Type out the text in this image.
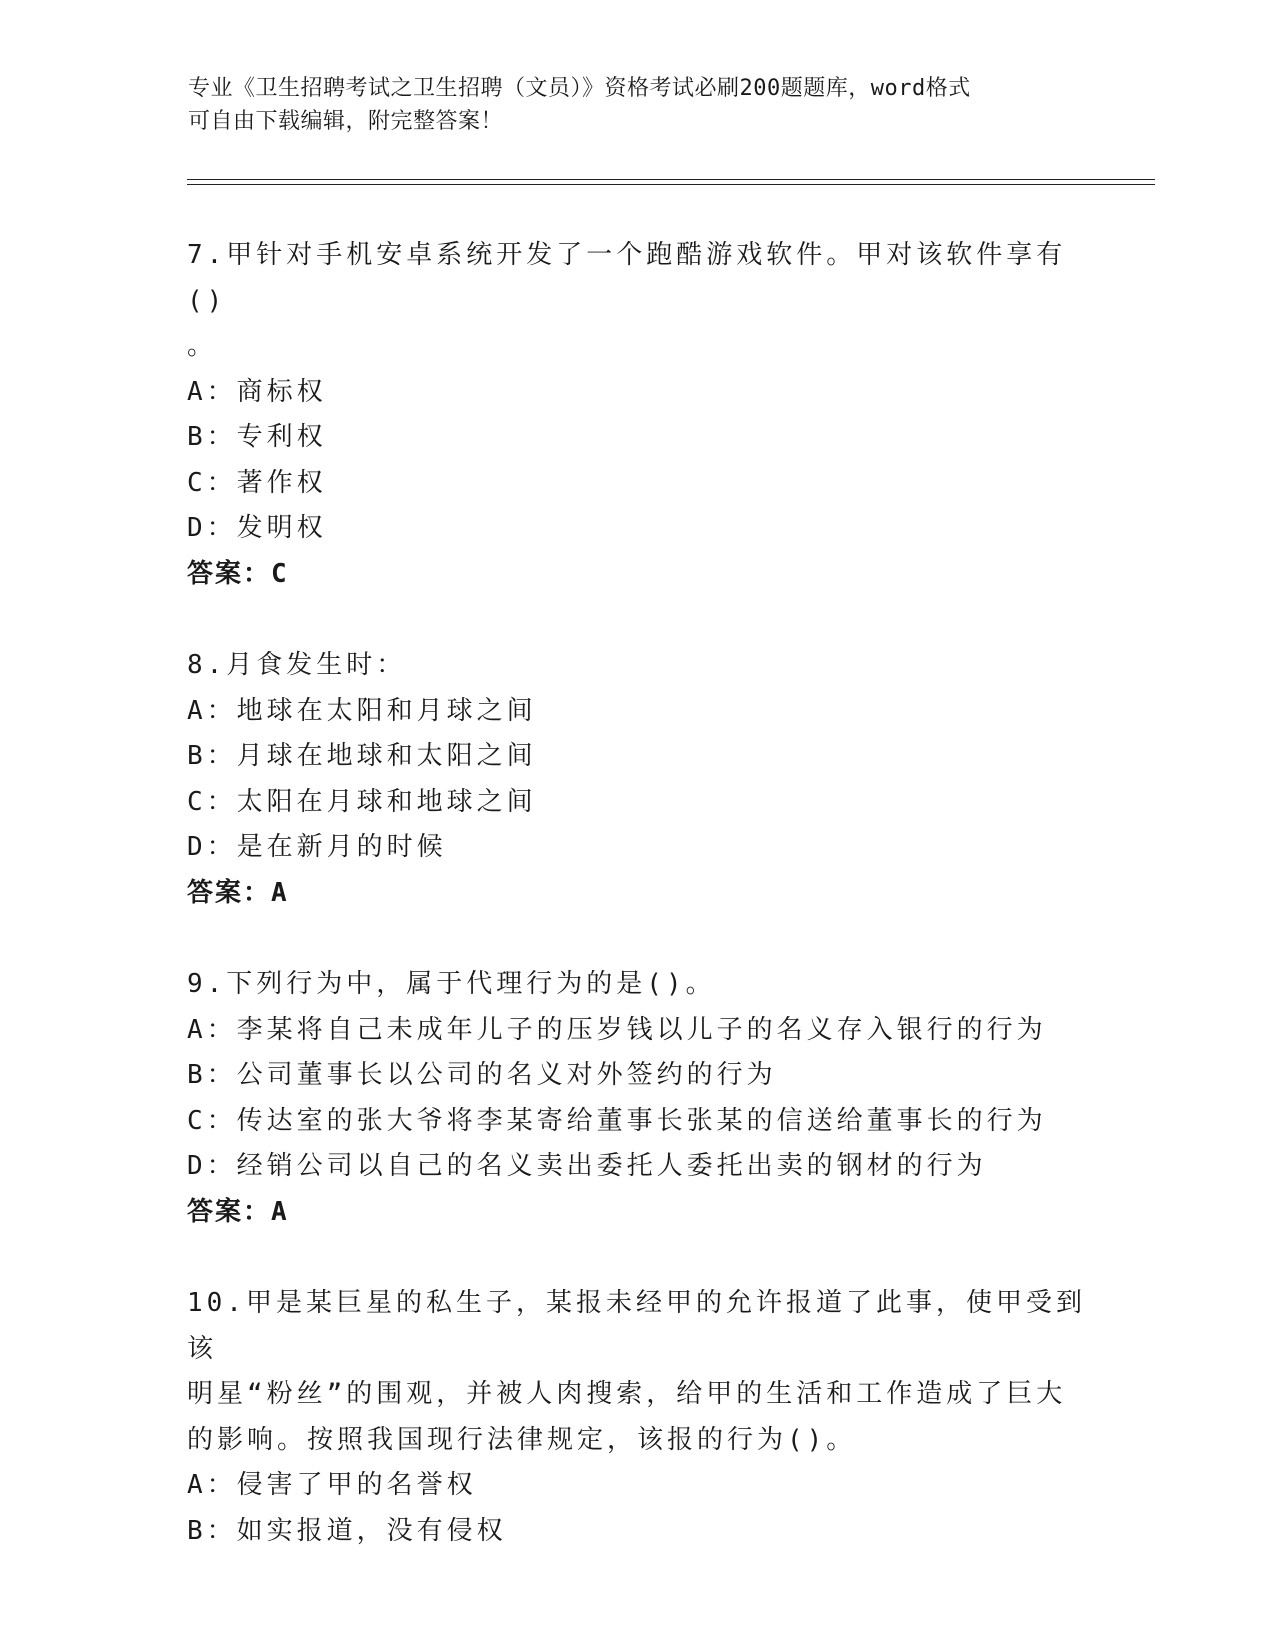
专业《卫生招聘考试之卫生招聘（文员）》资格考试必刷200题题库，word格式
可自由下载编辑，附完整答案！
7.甲针对手机安卓系统开发了一个跑酷游戏软件。甲对该软件享有()
。
A：商标权
B：专利权
C：著作权
D：发明权
答案：C
8.月食发生时：
A：地球在太阳和月球之间
B：月球在地球和太阳之间
C：太阳在月球和地球之间
D：是在新月的时候
答案：A
9.下列行为中，属于代理行为的是()。
A：李某将自己未成年儿子的压岁钱以儿子的名义存入银行的行为
B：公司董事长以公司的名义对外签约的行为
C：传达室的张大爷将李某寄给董事长张某的信送给董事长的行为
D：经销公司以自己的名义卖出委托人委托出卖的钢材的行为
答案：A
10.甲是某巨星的私生子，某报未经甲的允许报道了此事，使甲受到该
明星“粉丝”的围观，并被人肉搜索，给甲的生活和工作造成了巨大
的影响。按照我国现行法律规定，该报的行为()。
A：侵害了甲的名誉权
B：如实报道，没有侵权
